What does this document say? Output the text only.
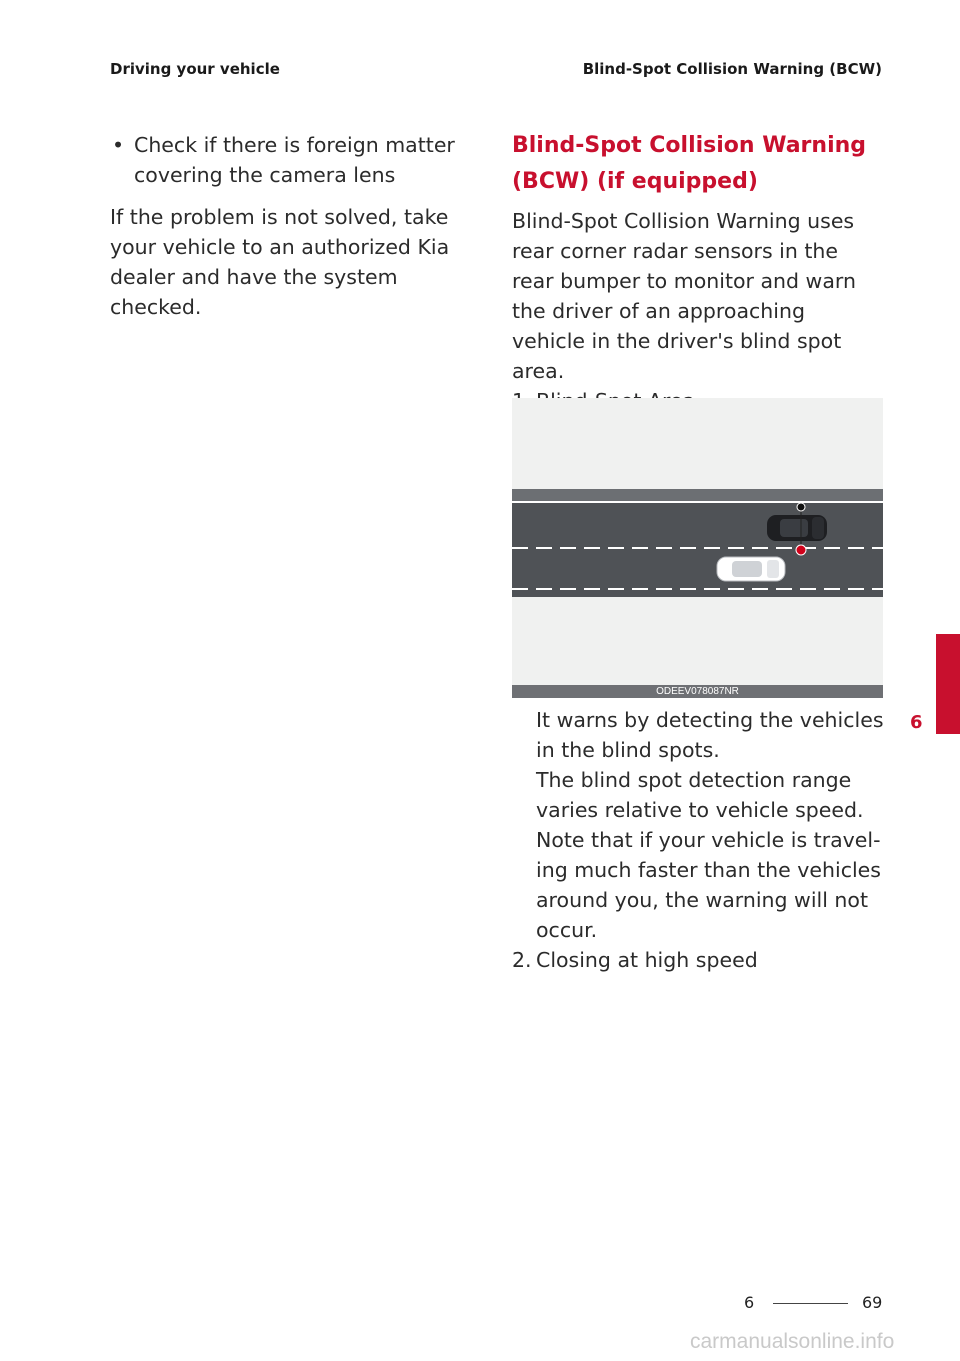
Driving your vehicle	Blind-Spot Collision Warning (BCW)
• Check if there is foreign matter covering the camera lens
If the problem is not solved, take your vehicle to an authorized Kia dealer and have the system checked.
Blind-Spot Collision Warning (BCW) (if equipped)
Blind-Spot Collision Warning uses rear corner radar sensors in the rear bumper to monitor and warn the driver of an approaching vehicle in the driver's blind spot area.
ODEEV078087NR
It warns by detecting the vehicles in the blind spots.
The blind spot detection range varies relative to vehicle speed.
Note that if your vehicle is travel-ing much faster than the vehicles around you, the warning will not occur.
2. Closing at high speed
6
6	69
carmanualsonline.info
